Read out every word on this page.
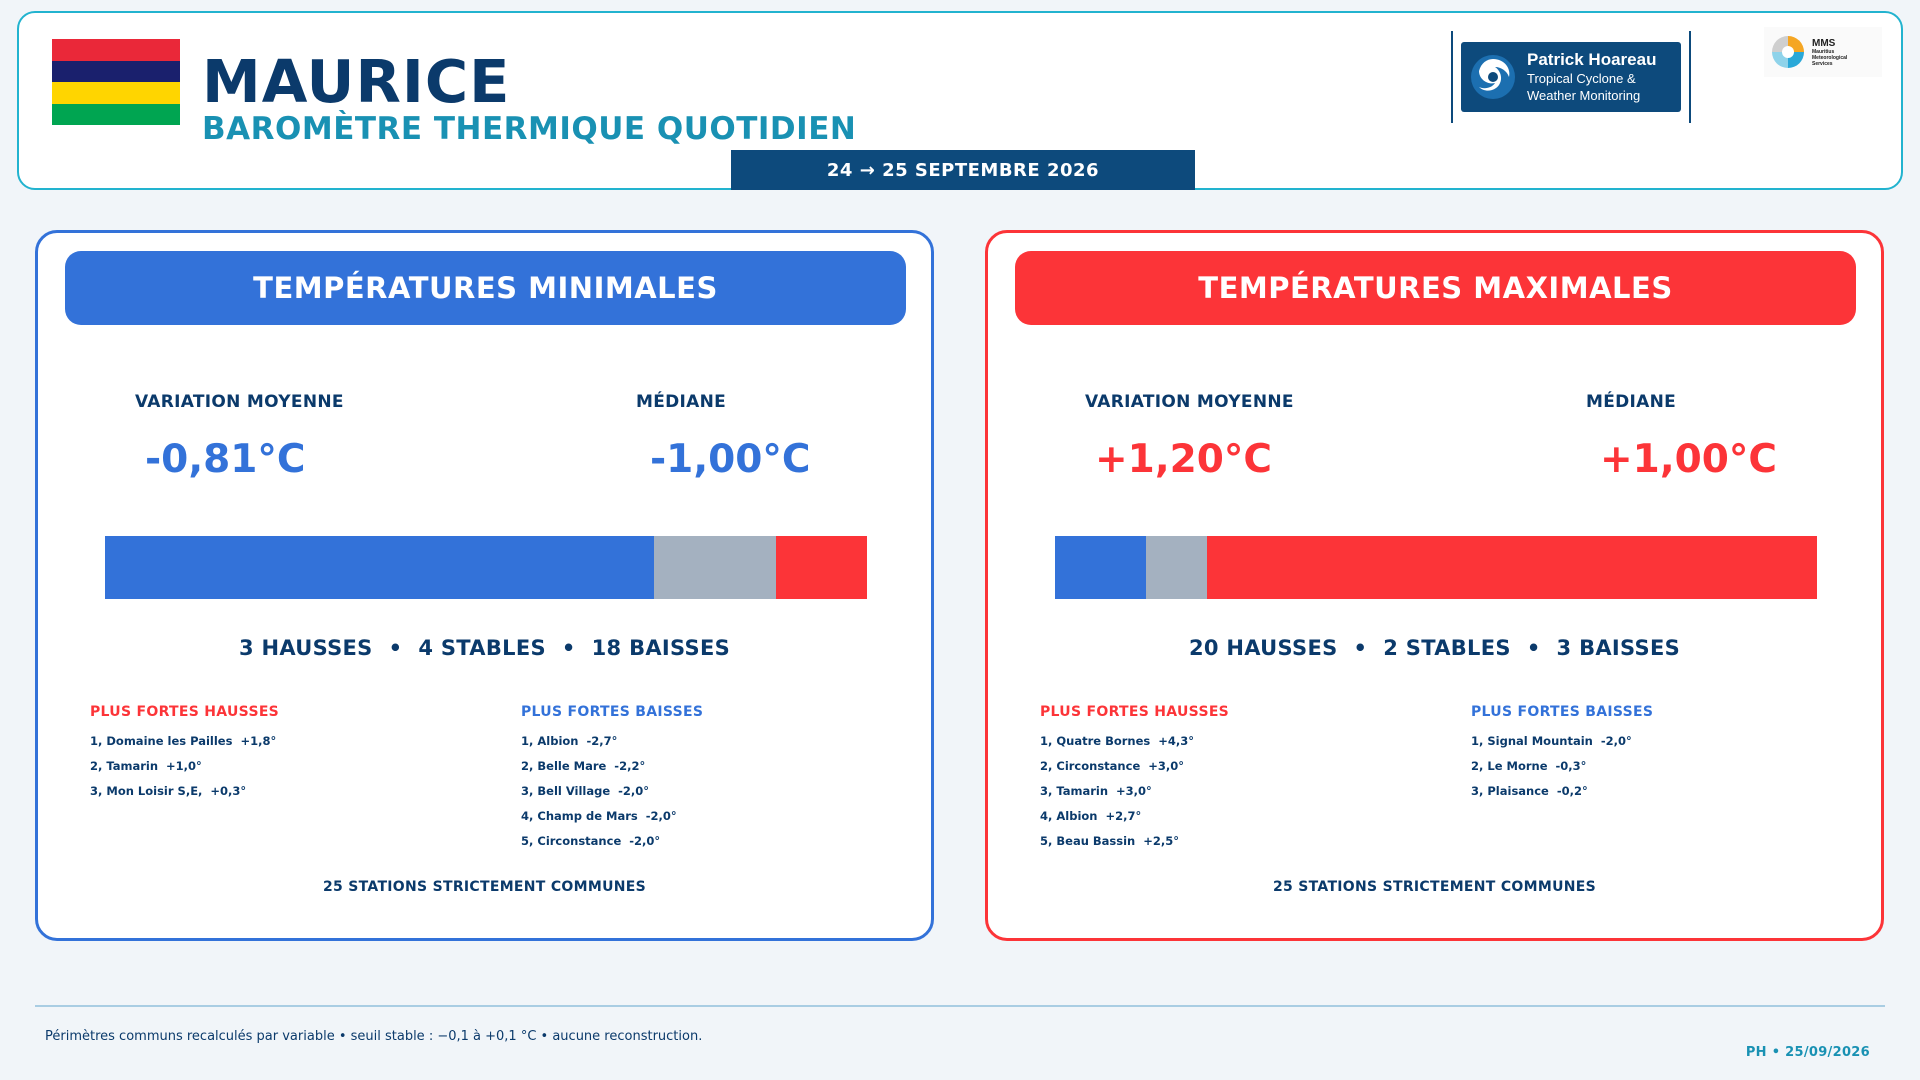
MAURICE
BAROMÈTRE THERMIQUE QUOTIDIEN
Patrick Hoareau
Tropical Cyclone &
Weather Monitoring
MMS
Mauritius
Meteorological
Services
24 → 25 SEPTEMBRE 2026
TEMPÉRATURES MINIMALES
VARIATION MOYENNE	MÉDIANE
-0,81°C	-1,00°C
3 HAUSSES • 4 STABLES • 18 BAISSES
PLUS FORTES HAUSSES
1, Domaine les Pailles  +1,8°
2, Tamarin  +1,0°
3, Mon Loisir S,E,  +0,3°
PLUS FORTES BAISSES
1, Albion  -2,7°
2, Belle Mare  -2,2°
3, Bell Village  -2,0°
4, Champ de Mars  -2,0°
5, Circonstance  -2,0°
25 STATIONS STRICTEMENT COMMUNES
TEMPÉRATURES MAXIMALES
VARIATION MOYENNE	MÉDIANE
+1,20°C	+1,00°C
20 HAUSSES • 2 STABLES • 3 BAISSES
PLUS FORTES HAUSSES
1, Quatre Bornes  +4,3°
2, Circonstance  +3,0°
3, Tamarin  +3,0°
4, Albion  +2,7°
5, Beau Bassin  +2,5°
PLUS FORTES BAISSES
1, Signal Mountain  -2,0°
2, Le Morne  -0,3°
3, Plaisance  -0,2°
25 STATIONS STRICTEMENT COMMUNES
Périmètres communs recalculés par variable • seuil stable : −0,1 à +0,1 °C • aucune reconstruction.
PH • 25/09/2026
